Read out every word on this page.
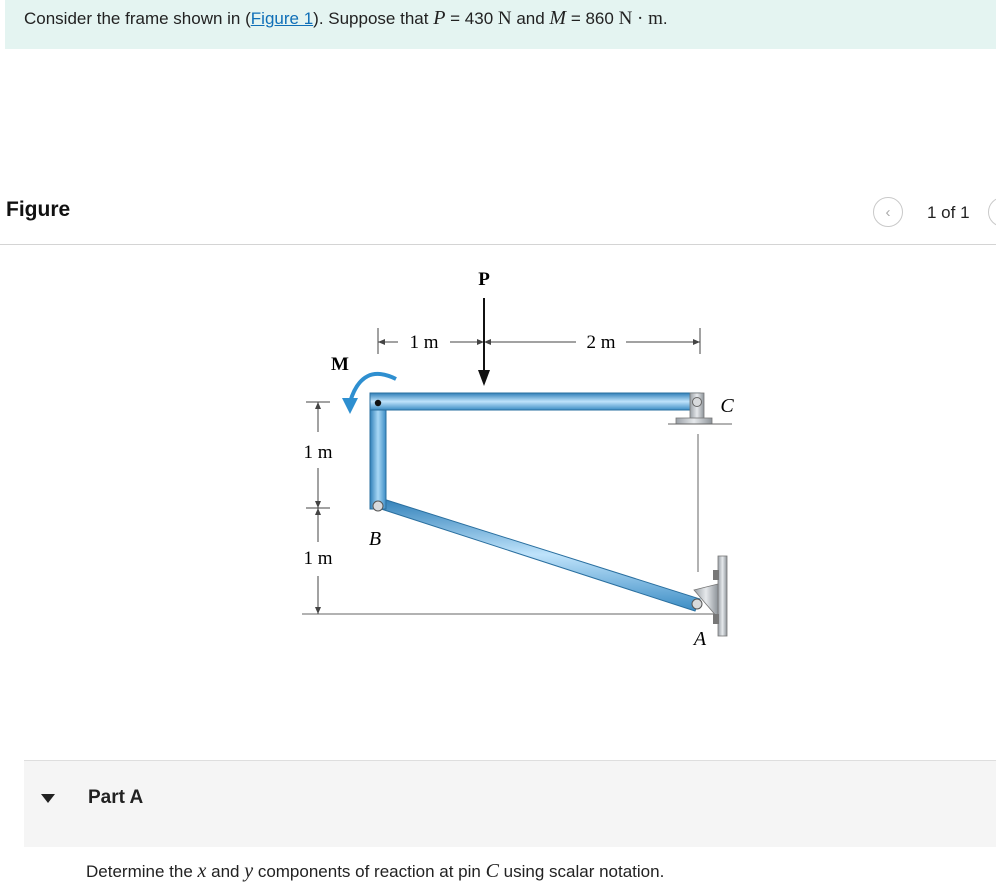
Consider the frame shown in (Figure 1). Suppose that P = 430 N and M = 860 N · m.
Figure	‹ 1 of 1
1 m	2 m
1 m
1 m
P
M
B
C
A
Part A
Determine the x and y components of reaction at pin C using scalar notation.
